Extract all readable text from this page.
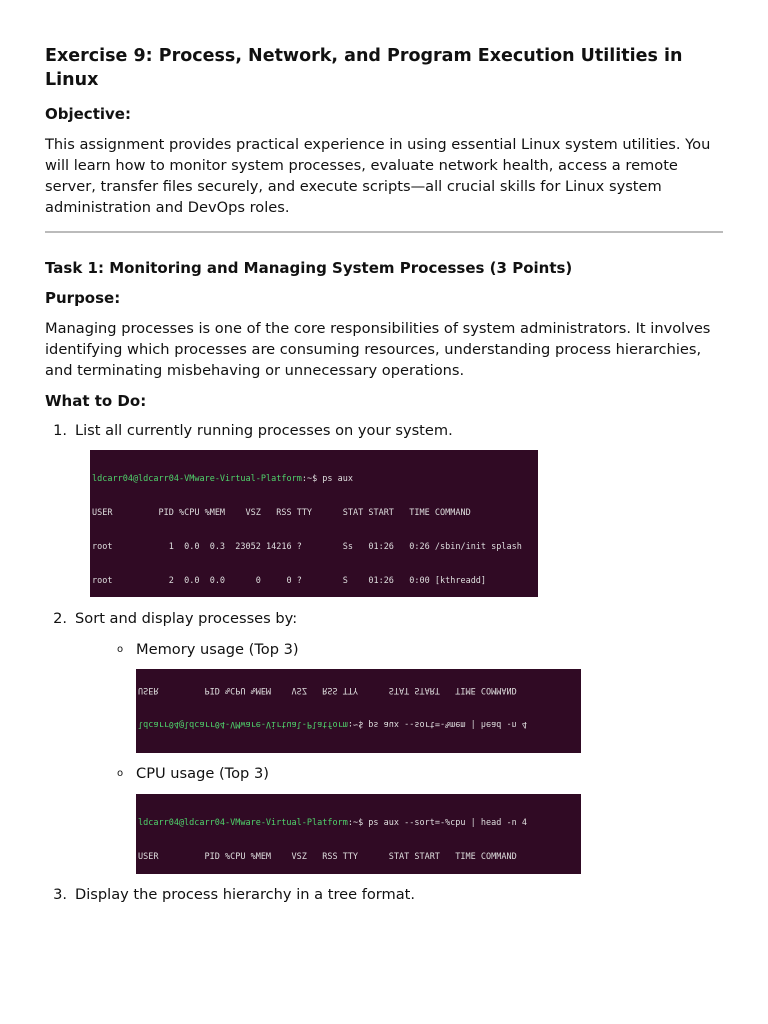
Exercise 9: Process, Network, and Program Execution Utilities in Linux
Objective:

This assignment provides practical experience in using essential Linux system utilities. You will learn how to monitor system processes, evaluate network health, access a remote server, transfer files securely, and execute scripts—all crucial skills for Linux system administration and DevOps roles.

Task 1: Monitoring and Managing System Processes (3 Points)
Purpose:

Managing processes is one of the core responsibilities of system administrators. It involves identifying which processes are consuming resources, understanding process hierarchies, and terminating misbehaving or unnecessary operations.

What to Do:
1. List all currently running processes on your system.

ldcarr04@ldcarr04-VMware-Virtual-Platform:~$ ps aux

USER         PID %CPU %MEM    VSZ   RSS TTY      STAT START   TIME COMMAND

root           1  0.0  0.3  23052 14216 ?        Ss   01:26   0:26 /sbin/init splash

root           2  0.0  0.0      0     0 ?        S    01:26   0:00 [kthreadd]

2. Sort and display processes by:
o Memory usage (Top 3)

ldcarr04@ldcarr04-VMware-Virtual-Platform:~$ ps aux --sort=-%mem | head -n 4

USER         PID %CPU %MEM    VSZ   RSS TTY      STAT START   TIME COMMAND

o CPU usage (Top 3)

ldcarr04@ldcarr04-VMware-Virtual-Platform:~$ ps aux --sort=-%cpu | head -n 4

USER         PID %CPU %MEM    VSZ   RSS TTY      STAT START   TIME COMMAND

3. Display the process hierarchy in a tree format.
